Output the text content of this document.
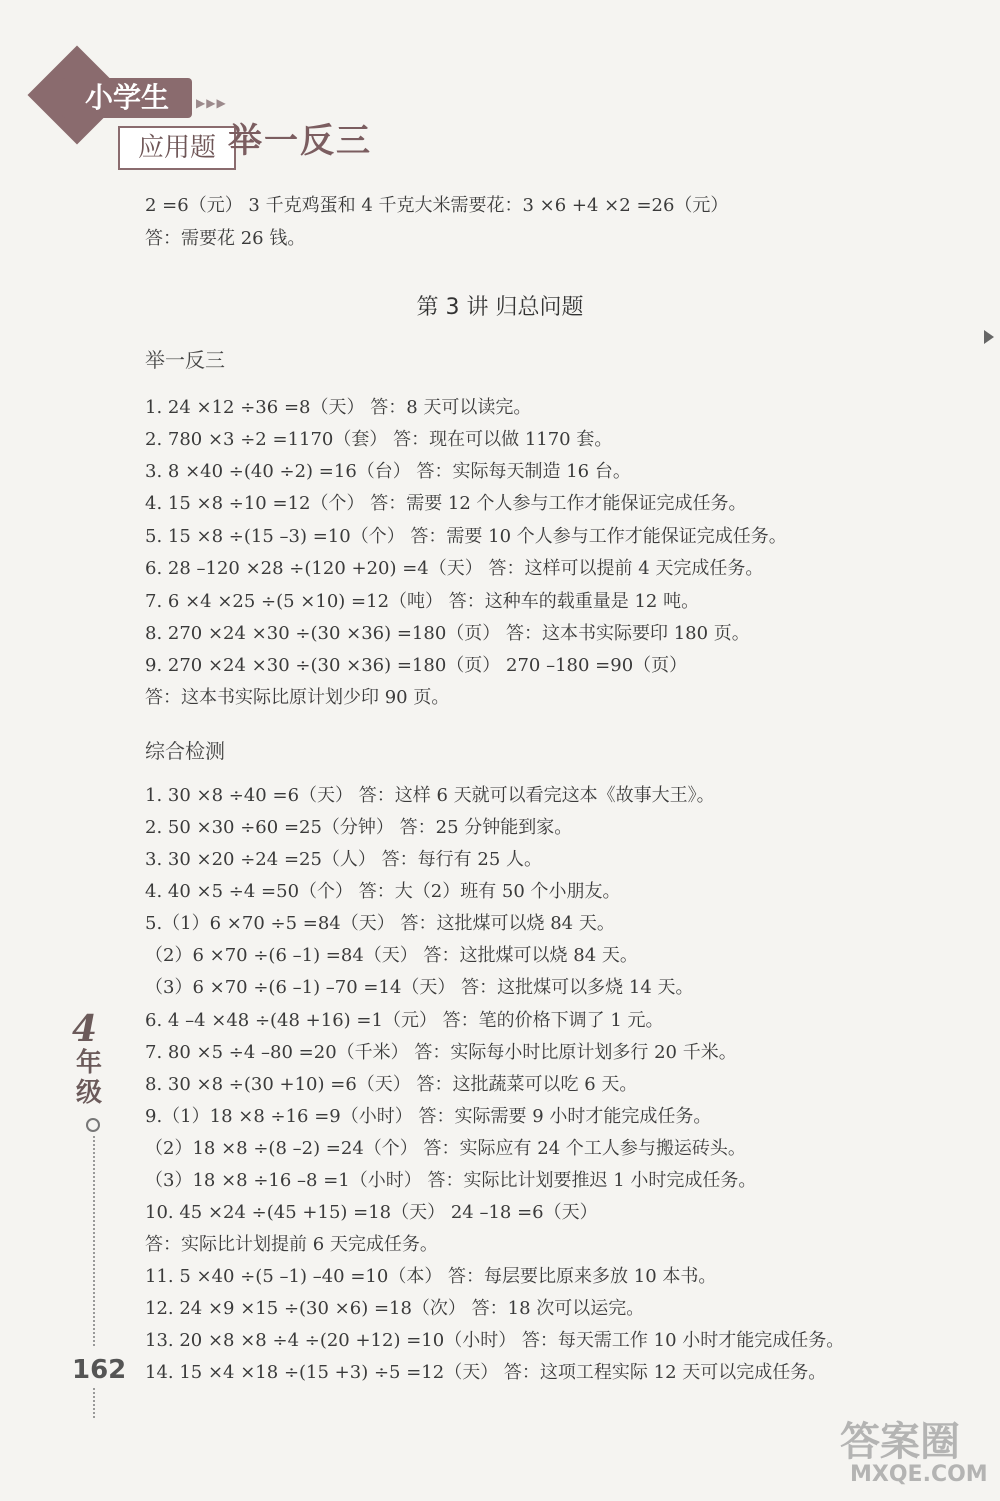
小学生	▶▶▶
应用题 举一反三
2 =6（元） 3 千克鸡蛋和 4 千克大米需要花：3 ×6 +4 ×2 =26（元）
答：需要花 26 钱。
第 3 讲 归总问题
举一反三
1. 24 ×12 ÷36 =8（天） 答：8 天可以读完。
2. 780 ×3 ÷2 =1170（套） 答：现在可以做 1170 套。
3. 8 ×40 ÷(40 ÷2) =16（台） 答：实际每天制造 16 台。
4. 15 ×8 ÷10 =12（个） 答：需要 12 个人参与工作才能保证完成任务。
5. 15 ×8 ÷(15 –3) =10（个） 答：需要 10 个人参与工作才能保证完成任务。
6. 28 –120 ×28 ÷(120 +20) =4（天） 答：这样可以提前 4 天完成任务。
7. 6 ×4 ×25 ÷(5 ×10) =12（吨） 答：这种车的载重量是 12 吨。
8. 270 ×24 ×30 ÷(30 ×36) =180（页） 答：这本书实际要印 180 页。
9. 270 ×24 ×30 ÷(30 ×36) =180（页） 270 –180 =90（页）
答：这本书实际比原计划少印 90 页。
综合检测
1. 30 ×8 ÷40 =6（天） 答：这样 6 天就可以看完这本《故事大王》。
2. 50 ×30 ÷60 =25（分钟） 答：25 分钟能到家。
3. 30 ×20 ÷24 =25（人） 答：每行有 25 人。
4. 40 ×5 ÷4 =50（个） 答：大（2）班有 50 个小朋友。
5.（1）6 ×70 ÷5 =84（天） 答：这批煤可以烧 84 天。
（2）6 ×70 ÷(6 –1) =84（天） 答：这批煤可以烧 84 天。
（3）6 ×70 ÷(6 –1) –70 =14（天） 答：这批煤可以多烧 14 天。
6. 4 –4 ×48 ÷(48 +16) =1（元） 答：笔的价格下调了 1 元。
7. 80 ×5 ÷4 –80 =20（千米） 答：实际每小时比原计划多行 20 千米。
8. 30 ×8 ÷(30 +10) =6（天） 答：这批蔬菜可以吃 6 天。
9.（1）18 ×8 ÷16 =9（小时） 答：实际需要 9 小时才能完成任务。
（2）18 ×8 ÷(8 –2) =24（个） 答：实际应有 24 个工人参与搬运砖头。
（3）18 ×8 ÷16 –8 =1（小时） 答：实际比计划要推迟 1 小时完成任务。
10. 45 ×24 ÷(45 +15) =18（天） 24 –18 =6（天）
答：实际比计划提前 6 天完成任务。
11. 5 ×40 ÷(5 –1) –40 =10（本） 答：每层要比原来多放 10 本书。
12. 24 ×9 ×15 ÷(30 ×6) =18（次） 答：18 次可以运完。
13. 20 ×8 ×8 ÷4 ÷(20 +12) =10（小时） 答：每天需工作 10 小时才能完成任务。
14. 15 ×4 ×18 ÷(15 +3) ÷5 =12（天） 答：这项工程实际 12 天可以完成任务。
4
年级
162
答案圈
MXQE.COM
